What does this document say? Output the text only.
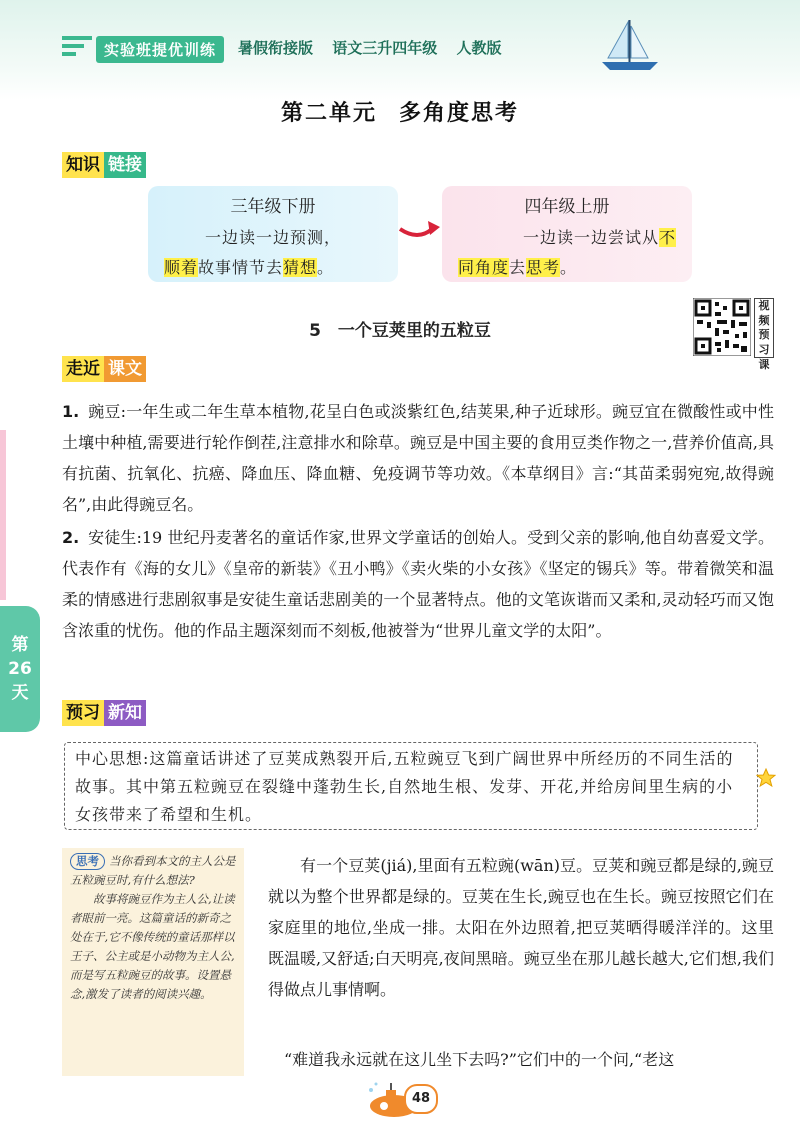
实验班提优训练	暑假衔接版 语文三升四年级 人教版
第二单元 多角度思考
知识 链接
三年级下册
一边读一边预测，
顺着故事情节去猜想。
四年级上册
一边读一边尝试从不
同角度去思考。
5　一个豆荚里的五粒豆
视
频
预
习
课
走近 课文
1. 豌豆:一年生或二年生草本植物,花呈白色或淡紫红色,结荚果,种子近球形。豌豆宜在微酸性或中性土壤中种植,需要进行轮作倒茬,注意排水和除草。豌豆是中国主要的食用豆类作物之一,营养价值高,具有抗菌、抗氧化、抗癌、降血压、降血糖、免疫调节等功效。《本草纲目》言:“其苗柔弱宛宛,故得豌名”,由此得豌豆名。
2. 安徒生:19 世纪丹麦著名的童话作家,世界文学童话的创始人。受到父亲的影响,他自幼喜爱文学。代表作有《海的女儿》《皇帝的新装》《丑小鸭》《卖火柴的小女孩》《坚定的锡兵》等。带着微笑和温柔的情感进行悲剧叙事是安徒生童话悲剧美的一个显著特点。他的文笔诙谐而又柔和,灵动轻巧而又饱含浓重的忧伤。他的作品主题深刻而不刻板,他被誉为“世界儿童文学的太阳”。
第
26
天
预习 新知
中心思想:这篇童话讲述了豆荚成熟裂开后,五粒豌豆飞到广阔世界中所经历的不同生活的故事。其中第五粒豌豆在裂缝中蓬勃生长,自然地生根、发芽、开花,并给房间里生病的小女孩带来了希望和生机。
思考 当你看到本文的主人公是五粒豌豆时,有什么想法?
故事将豌豆作为主人公,让读者眼前一亮。这篇童话的新奇之处在于,它不像传统的童话那样以王子、公主或是小动物为主人公,而是写五粒豌豆的故事。设置悬念,激发了读者的阅读兴趣。
有一个豆荚(jiá),里面有五粒豌(wān)豆。豆荚和豌豆都是绿的,豌豆就以为整个世界都是绿的。豆荚在生长,豌豆也在生长。豌豆按照它们在家庭里的地位,坐成一排。太阳在外边照着,把豆荚晒得暖洋洋的。这里既温暖,又舒适;白天明亮,夜间黑暗。豌豆坐在那儿越长越大,它们想,我们得做点儿事情啊。
“难道我永远就在这儿坐下去吗?”它们中的一个问,“老这
48
